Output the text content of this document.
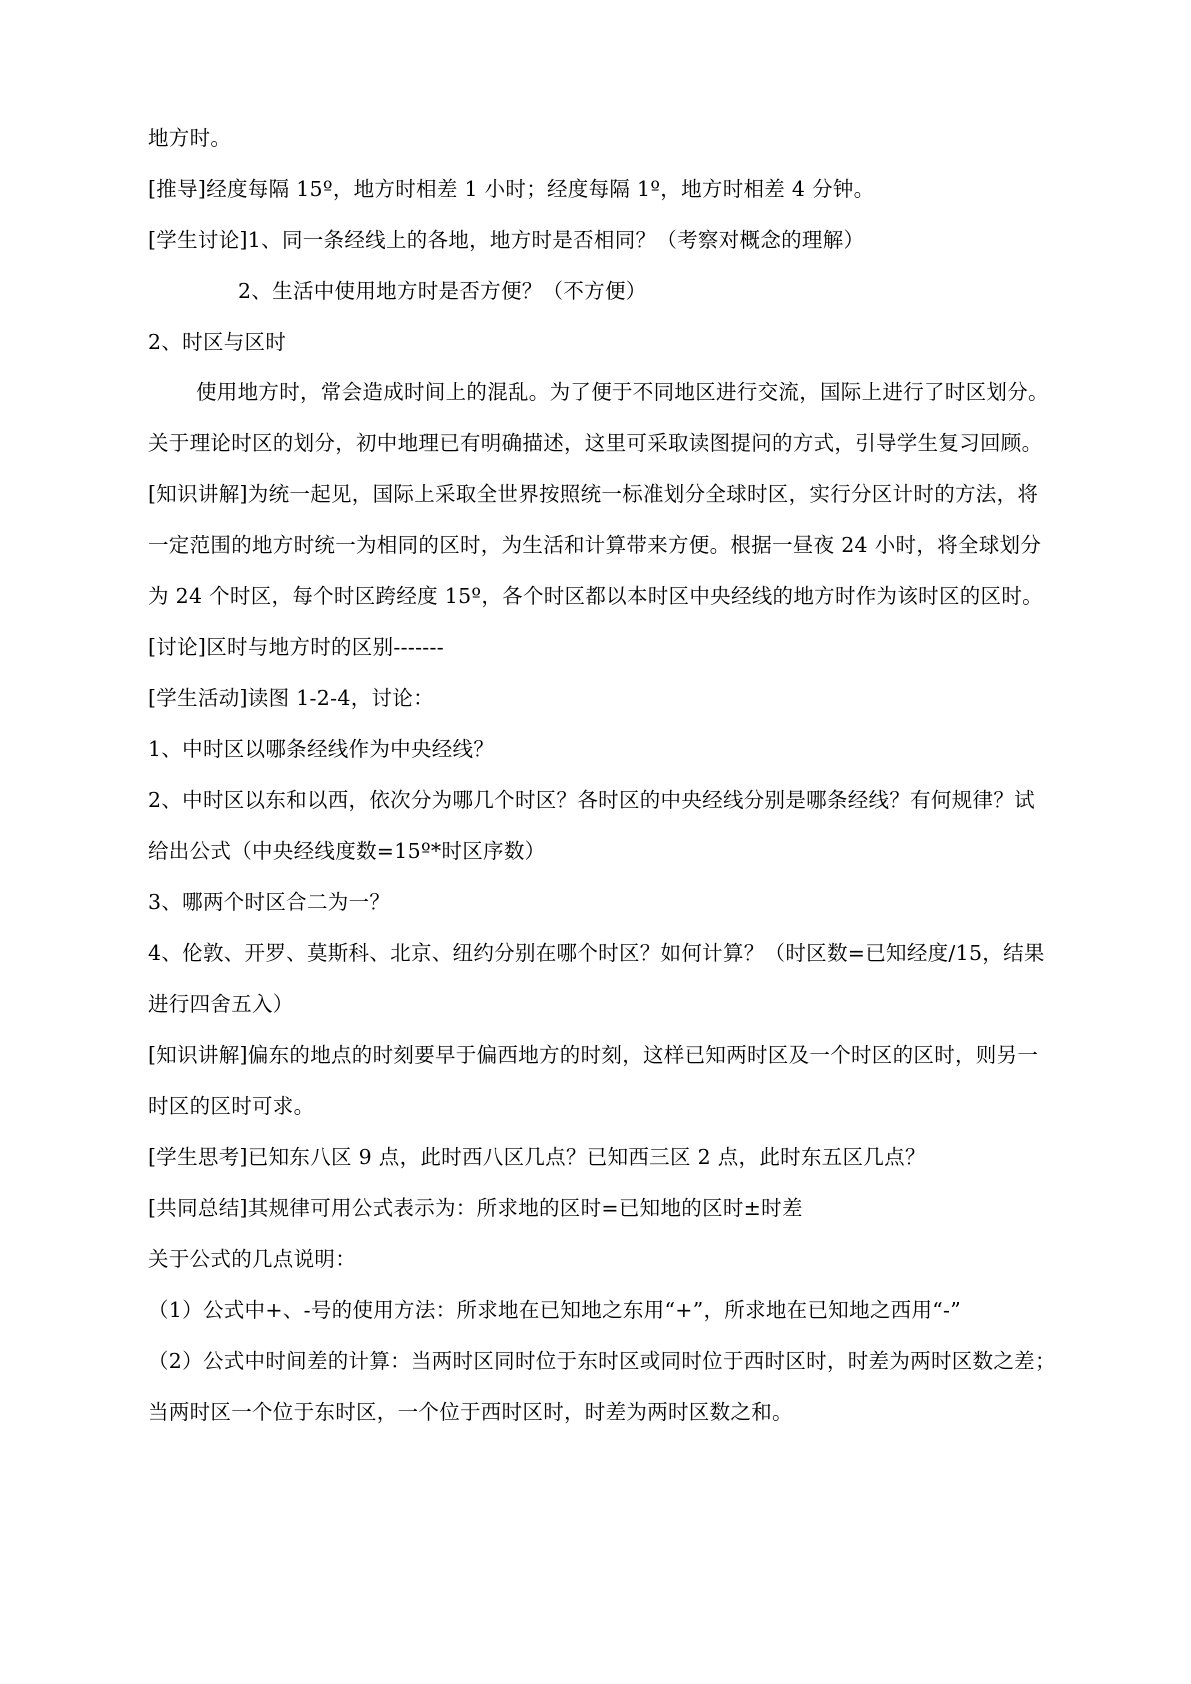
地方时。
[推导]经度每隔 15º，地方时相差 1 小时；经度每隔 1º，地方时相差 4 分钟。
[学生讨论]1、同一条经线上的各地，地方时是否相同？（考察对概念的理解）
2、生活中使用地方时是否方便？（不方便）
2、时区与区时
使用地方时，常会造成时间上的混乱。为了便于不同地区进行交流，国际上进行了时区划分。
关于理论时区的划分，初中地理已有明确描述，这里可采取读图提问的方式，引导学生复习回顾。
[知识讲解]为统一起见，国际上采取全世界按照统一标准划分全球时区，实行分区计时的方法，将
一定范围的地方时统一为相同的区时，为生活和计算带来方便。根据一昼夜 24 小时，将全球划分
为 24 个时区，每个时区跨经度 15º，各个时区都以本时区中央经线的地方时作为该时区的区时。
[讨论]区时与地方时的区别-------
[学生活动]读图 1-2-4，讨论：
1、中时区以哪条经线作为中央经线？
2、中时区以东和以西，依次分为哪几个时区？各时区的中央经线分别是哪条经线？有何规律？试
给出公式（中央经线度数=15º*时区序数）
3、哪两个时区合二为一？
4、伦敦、开罗、莫斯科、北京、纽约分别在哪个时区？如何计算？（时区数=已知经度/15，结果
进行四舍五入）
[知识讲解]偏东的地点的时刻要早于偏西地方的时刻，这样已知两时区及一个时区的区时，则另一
时区的区时可求。
[学生思考]已知东八区 9 点，此时西八区几点？已知西三区 2 点，此时东五区几点？
[共同总结]其规律可用公式表示为：所求地的区时=已知地的区时±时差
关于公式的几点说明：
（1）公式中+、-号的使用方法：所求地在已知地之东用“+”，所求地在已知地之西用“-”
（2）公式中时间差的计算：当两时区同时位于东时区或同时位于西时区时，时差为两时区数之差；
当两时区一个位于东时区，一个位于西时区时，时差为两时区数之和。
